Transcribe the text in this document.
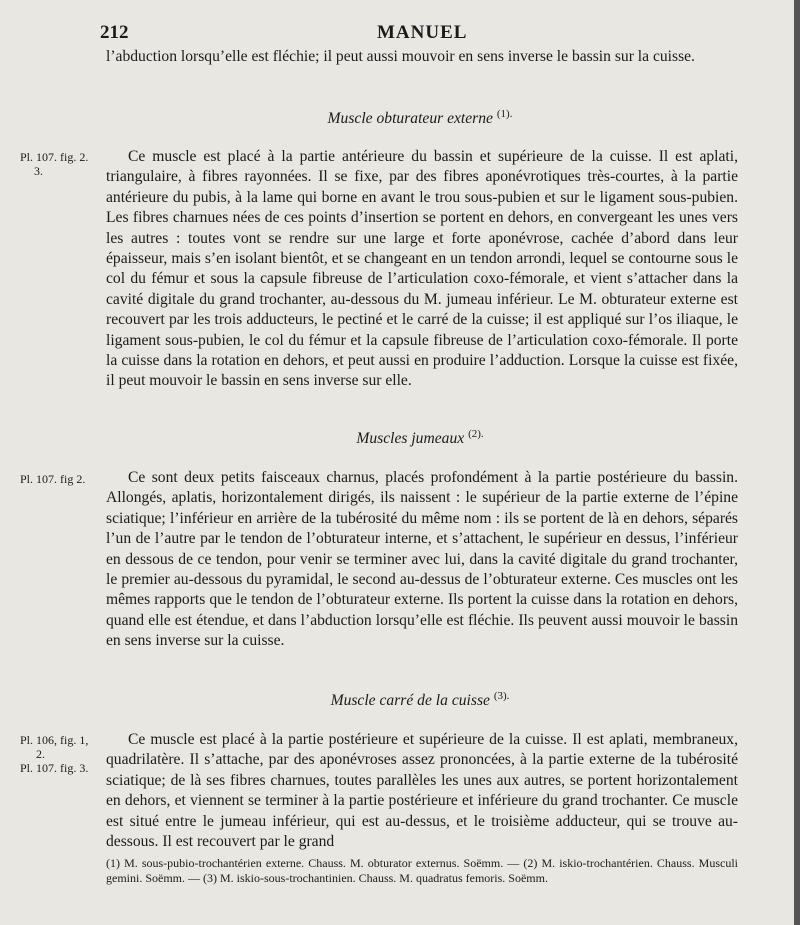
212	MANUEL
l’abduction lorsqu’elle est fléchie; il peut aussi mouvoir en sens inverse le bassin sur la cuisse.
Muscle obturateur externe $^{(1).}$
Pl. 107. fig. 2.
3.
Ce muscle est placé à la partie antérieure du bassin et supérieure de la cuisse. Il est aplati, triangulaire, à fibres rayonnées. Il se fixe, par des fibres aponévrotiques très-courtes, à la partie antérieure du pubis, à la lame qui borne en avant le trou sous-pubien et sur le ligament sous-pubien. Les fibres charnues nées de ces points d’insertion se portent en dehors, en convergeant les unes vers les autres : toutes vont se rendre sur une large et forte aponévrose, cachée d’abord dans leur épaisseur, mais s’en isolant bientôt, et se changeant en un tendon arrondi, lequel se contourne sous le col du fémur et sous la capsule fibreuse de l’articulation coxo-fémorale, et vient s’attacher dans la cavité digitale du grand trochanter, au-dessous du M. jumeau inférieur. Le M. obturateur externe est recouvert par les trois adducteurs, le pectiné et le carré de la cuisse; il est appliqué sur l’os iliaque, le ligament sous-pubien, le col du fémur et la capsule fibreuse de l’articulation coxo-fémorale. Il porte la cuisse dans la rotation en dehors, et peut aussi en produire l’adduction. Lorsque la cuisse est fixée, il peut mouvoir le bassin en sens inverse sur elle.
Muscles jumeaux $^{(2).}$
Pl. 107. fig 2.	Ce sont deux petits faisceaux charnus, placés profondément à la partie postérieure du bassin. Allongés, aplatis, horizontalement dirigés, ils naissent : le supérieur de la partie externe de l’épine sciatique; l’inférieur en arrière de la tubérosité du même nom : ils se portent de là en dehors, séparés l’un de l’autre par le tendon de l’obturateur interne, et s’attachent, le supérieur en dessus, l’inférieur en dessous de ce tendon, pour venir se terminer avec lui, dans la cavité digitale du grand trochanter, le premier au-dessous du pyramidal, le second au-dessus de l’obturateur externe. Ces muscles ont les mêmes rapports que le tendon de l’obturateur externe. Ils portent la cuisse dans la rotation en dehors, quand elle est étendue, et dans l’abduction lorsqu’elle est fléchie. Ils peuvent aussi mouvoir le bassin en sens inverse sur la cuisse.
Muscle carré de la cuisse $^{(3).}$
Pl. 106, fig. 1,
2.
Pl. 107. fig. 3.
Ce muscle est placé à la partie postérieure et supérieure de la cuisse. Il est aplati, membraneux, quadrilatère. Il s’attache, par des aponévroses assez prononcées, à la partie externe de la tubérosité sciatique; de là ses fibres charnues, toutes parallèles les unes aux autres, se portent horizontalement en dehors, et viennent se terminer à la partie postérieure et inférieure du grand trochanter. Ce muscle est situé entre le jumeau inférieur, qui est au-dessus, et le troisième adducteur, qui se trouve au-dessous. Il est recouvert par le grand
(1) M. sous-pubio-trochantérien externe. Chauss. M. obturator externus. Soëmm. — (2) M. iskio-trochantérien. Chauss. Musculi gemini. Soëmm. — (3) M. iskio-sous-trochantinien. Chauss. M. quadratus femoris. Soëmm.
